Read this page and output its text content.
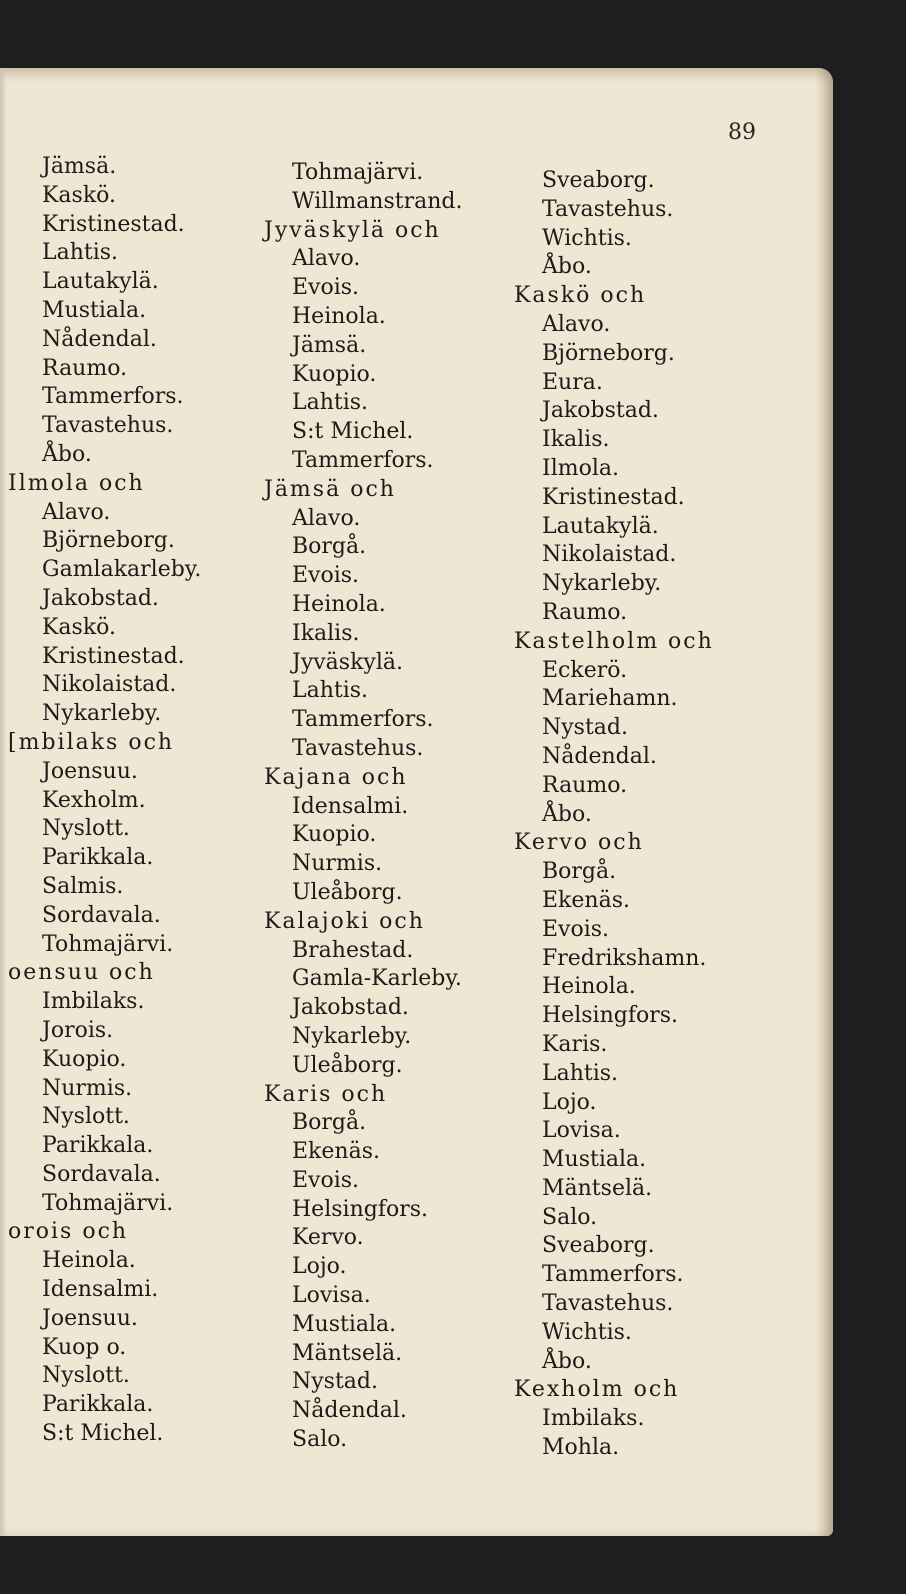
89
Jämsä.
Kaskö.
Kristinestad.
Lahtis.
Lautakylä.
Mustiala.
Nådendal.
Raumo.
Tammerfors.
Tavastehus.
Åbo.
Ilmola och
Alavo.
Björneborg.
Gamlakarleby.
Jakobstad.
Kaskö.
Kristinestad.
Nikolaistad.
Nykarleby.
[mbilaks och
Joensuu.
Kexholm.
Nyslott.
Parikkala.
Salmis.
Sordavala.
Tohmajärvi.
oensuu och
Imbilaks.
Jorois.
Kuopio.
Nurmis.
Nyslott.
Parikkala.
Sordavala.
Tohmajärvi.
orois och
Heinola.
Idensalmi.
Joensuu.
Kuop o.
Nyslott.
Parikkala.
S:t Michel.
Tohmajärvi.
Willmanstrand.
Jyväskylä och
Alavo.
Evois.
Heinola.
Jämsä.
Kuopio.
Lahtis.
S:t Michel.
Tammerfors.
Jämsä och
Alavo.
Borgå.
Evois.
Heinola.
Ikalis.
Jyväskylä.
Lahtis.
Tammerfors.
Tavastehus.
Kajana och
Idensalmi.
Kuopio.
Nurmis.
Uleåborg.
Kalajoki och
Brahestad.
Gamla-Karleby.
Jakobstad.
Nykarleby.
Uleåborg.
Karis och
Borgå.
Ekenäs.
Evois.
Helsingfors.
Kervo.
Lojo.
Lovisa.
Mustiala.
Mäntselä.
Nystad.
Nådendal.
Salo.
Sveaborg.
Tavastehus.
Wichtis.
Åbo.
Kaskö och
Alavo.
Björneborg.
Eura.
Jakobstad.
Ikalis.
Ilmola.
Kristinestad.
Lautakylä.
Nikolaistad.
Nykarleby.
Raumo.
Kastelholm och
Eckerö.
Mariehamn.
Nystad.
Nådendal.
Raumo.
Åbo.
Kervo och
Borgå.
Ekenäs.
Evois.
Fredrikshamn.
Heinola.
Helsingfors.
Karis.
Lahtis.
Lojo.
Lovisa.
Mustiala.
Mäntselä.
Salo.
Sveaborg.
Tammerfors.
Tavastehus.
Wichtis.
Åbo.
Kexholm och
Imbilaks.
Mohla.
